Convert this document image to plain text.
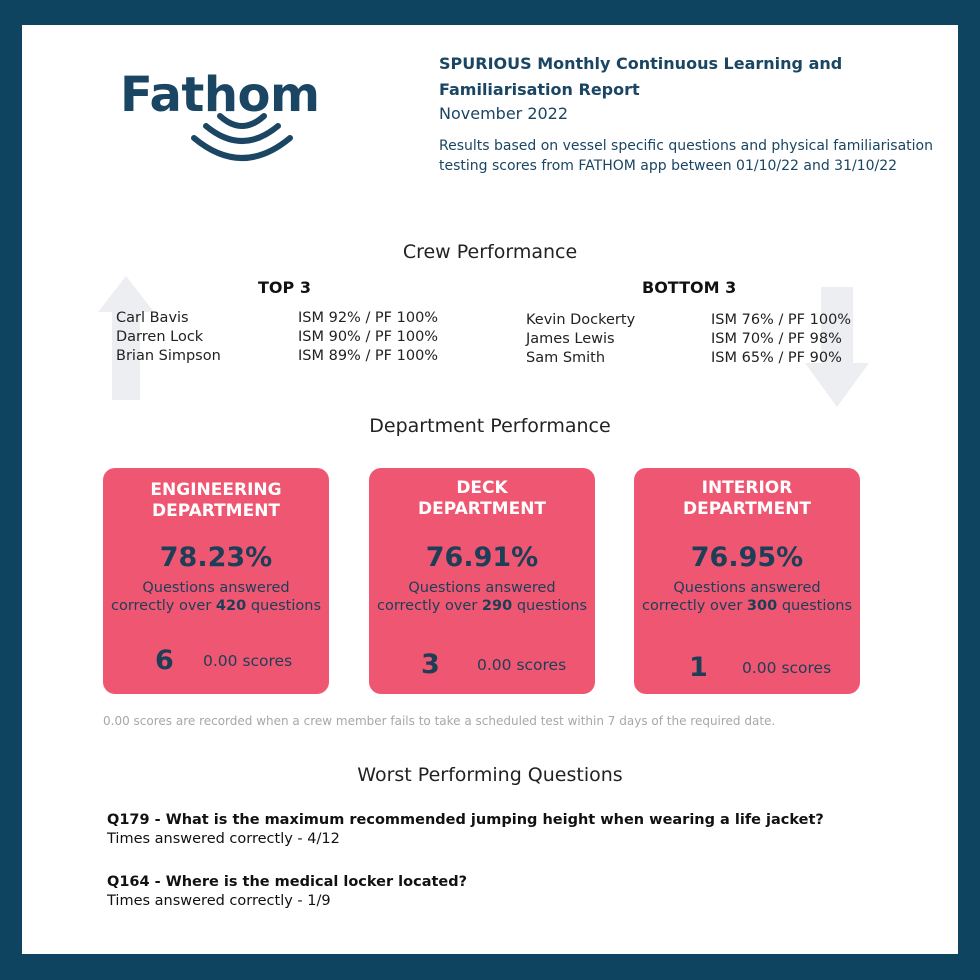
Fathom
SPURIOUS Monthly Continuous Learning and Familiarisation Report
November 2022
Results based on vessel specific questions and physical familiarisation testing scores from FATHOM app between 01/10/22 and 31/10/22
Crew Performance
TOP 3	BOTTOM 3
Carl Bavis	ISM 92% / PF 100%
Darren Lock	ISM 90% / PF 100%
Brian Simpson	ISM 89% / PF 100%
Kevin Dockerty	ISM 76% / PF 100%
James Lewis	ISM 70% / PF 98%
Sam Smith	ISM 65% / PF 90%
Department Performance
ENGINEERING
DEPARTMENT
78.23%
Questions answered
correctly over 420 questions
6 0.00 scores
DECK
DEPARTMENT
76.91%
Questions answered
correctly over 290 questions
3 0.00 scores
INTERIOR
DEPARTMENT
76.95%
Questions answered
correctly over 300 questions
1 0.00 scores
0.00 scores are recorded when a crew member fails to take a scheduled test within 7 days of the required date.
Worst Performing Questions
Q179 - What is the maximum recommended jumping height when wearing a life jacket?
Times answered correctly - 4/12
Q164 - Where is the medical locker located?
Times answered correctly - 1/9
